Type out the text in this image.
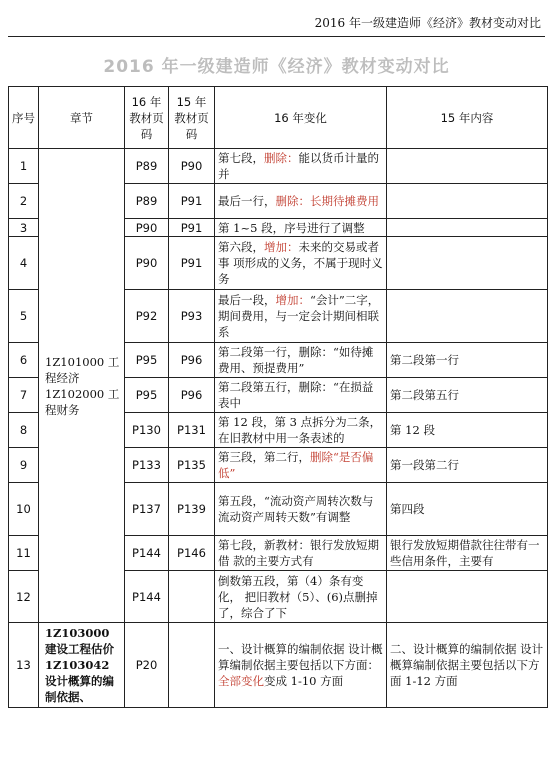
2016 年一级建造师《经济》教材变动对比
2016 年一级建造师《经济》教材变动对比
序号	章节	16 年教材页码	15 年教材页码	16 年变化	15 年内容
1	1Z101000 工程经济 1Z102000 工程财务	P89	P90	第七段，删除：能以货币计量的并	
2		P89	P91	最后一行，删除：长期待摊费用	
3		P90	P91	第 1~5 段，序号进行了调整	
4		P90	P91	第六段，增加：未来的交易或者事 项形成的义务，不属于现时义务	
5		P92	P93	最后一段，增加：“会计”二字， 期间费用，与一定会计期间相联系	
6		P95	P96	第二段第一行，删除：“如待摊费用、预提费用”	第二段第一行
7		P95	P96	第二段第五行，删除：“在损益表中	第二段第五行
8		P130	P131	第 12 段，第 3 点拆分为二条，在旧教材中用一条表述的	第 12 段
9		P133	P135	第三段，第二行，删除“是否偏低”	第一段第二行
10		P137	P139	第五段，“流动资产周转次数与流动资产周转天数”有调整	第四段
11		P144	P146	第七段，新教材：银行发放短期借 款的主要方式有	银行发放短期借款往往带有一些信用条件，主要有
12		P144		倒数第五段，第（4）条有变化， 把旧教材（5）、(6)点删掉了，综合了下	
13	1Z103000 建设工程估价 1Z103042 设计概算的编制依据、	P20		一、设计概算的编制依据 设计概算编制依据主要包括以下方面：全部变化变成 1-10 方面	二、设计概算的编制依据 设计概算编制依据主要包括以下方面 1-12 方面
